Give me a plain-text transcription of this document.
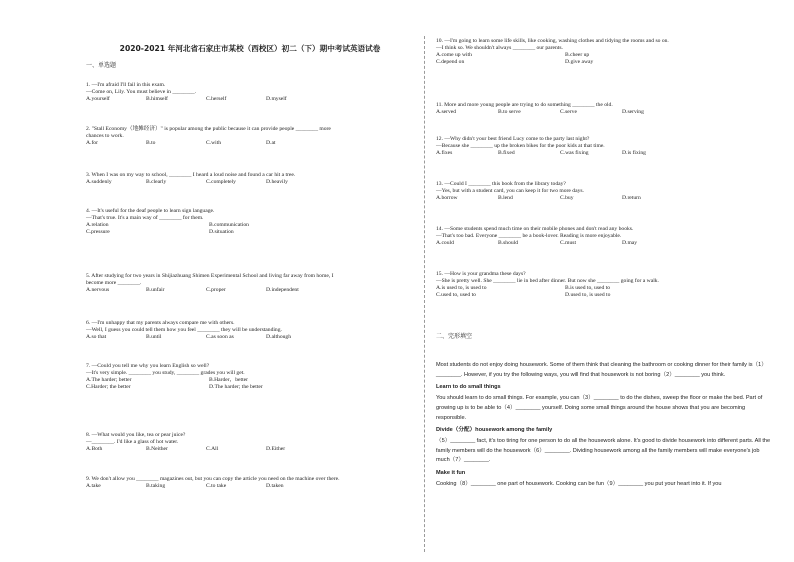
2020-2021 年河北省石家庄市某校（西校区）初二（下）期中考试英语试卷
一、单选题

1. —I'm afraid I'll fail in this exam.

—Come on, Lily. You must believe in ________.

A.yourself	B.himself	C.herself	D.myself

2. "Stall Economy（地摊经济）" is popular among the public because it can provide people ________ more

chances to work.

A.for	B.to	C.with	D.at

3. When I was on my way to school, ________ I heard a loud noise and found a car hit a tree.

A.suddenly	B.clearly	C.completely	D.heavily

4. —It's useful for the deaf people to learn sign language.

—That's true. It's a main way of ________ for them.

A.relation	B.communication
C.pressure	D.situation

5. After studying for two years in Shijiazhuang Shimen Experimental School and living far away from home, I

become more ________.

A.nervous	B.unfair	C.proper	D.independent

6. —I'm unhappy that my parents always compare me with others.

—Well, I guess you could tell them how you feel ________ they will be understanding.

A.so that	B.until	C.as soon as	D.although

7. —Could you tell me why you learn English so well?

—It's very simple. ________ you study, ________ grades you will get.

A.The harder; better	B.Harder，better
C.Harder; the better	D.The harder; the better

8. —What would you like, tea or pear juice?

—________. I'd like a glass of hot water.

A.Both	B.Neither	C.All	D.Either

9. We don't allow you ________ magazines out, but you can copy the article you need on the machine over there.

A.take	B.taking	C.to take	D.taken

10. —I'm going to learn some life skills, like cooking, washing clothes and tidying the rooms and so on.

—I think so. We shouldn't always ________ our parents.

A.come up with	B.cheer up
C.depend on	D.give away

11. More and more young people are trying to do something ________ the old.

A.served	B.to serve	C.serve	D.serving

12. —Why didn't your best friend Lucy come to the party last night?

—Because she ________ up the broken bikes for the poor kids at that time.

A.fixes	B.fixed	C.was fixing	D.is fixing

13. —Could I ________ this book from the library today?

—Yes, but with a student card, you can keep it for two more days.

A.borrow	B.lend	C.buy	D.return

14. —Some students spend much time on their mobile phones and don't read any books.

—That's too bad. Everyone ________ be a book-lover. Reading is more enjoyable.

A.could	B.should	C.must	D.may

15. —How is your grandma these days?

—She is pretty well. She ________ lie in bed after dinner. But now she ________ going for a walk.

A.is used to, is used to	B.is used to, used to
C.used to, used to	D.used to, is used to
二、完形填空

Most students do not enjoy doing housework. Some of them think that cleaning the bathroom or cooking dinner for their family is（1）________. However, if you try the following ways, you will find that housework is not boring（2）________ you think.

Learn to do small things

You should learn to do small things. For example, you can（3）________ to do the dishes, sweep the floor or make the bed. Part of growing up is to be able to（4）________ yourself. Doing some small things around the house shows that you are becoming responsible.

Divide（分配）housework among the family

（5）________ fact, it's too tiring for one person to do all the housework alone. It's good to divide housework into different parts. All the family members will do the housework（6）________. Dividing housework among all the family members will make everyone's job much（7）________.

Make it fun

Cooking（8）________ one part of housework. Cooking can be fun（9）________ you put your heart into it. If you
